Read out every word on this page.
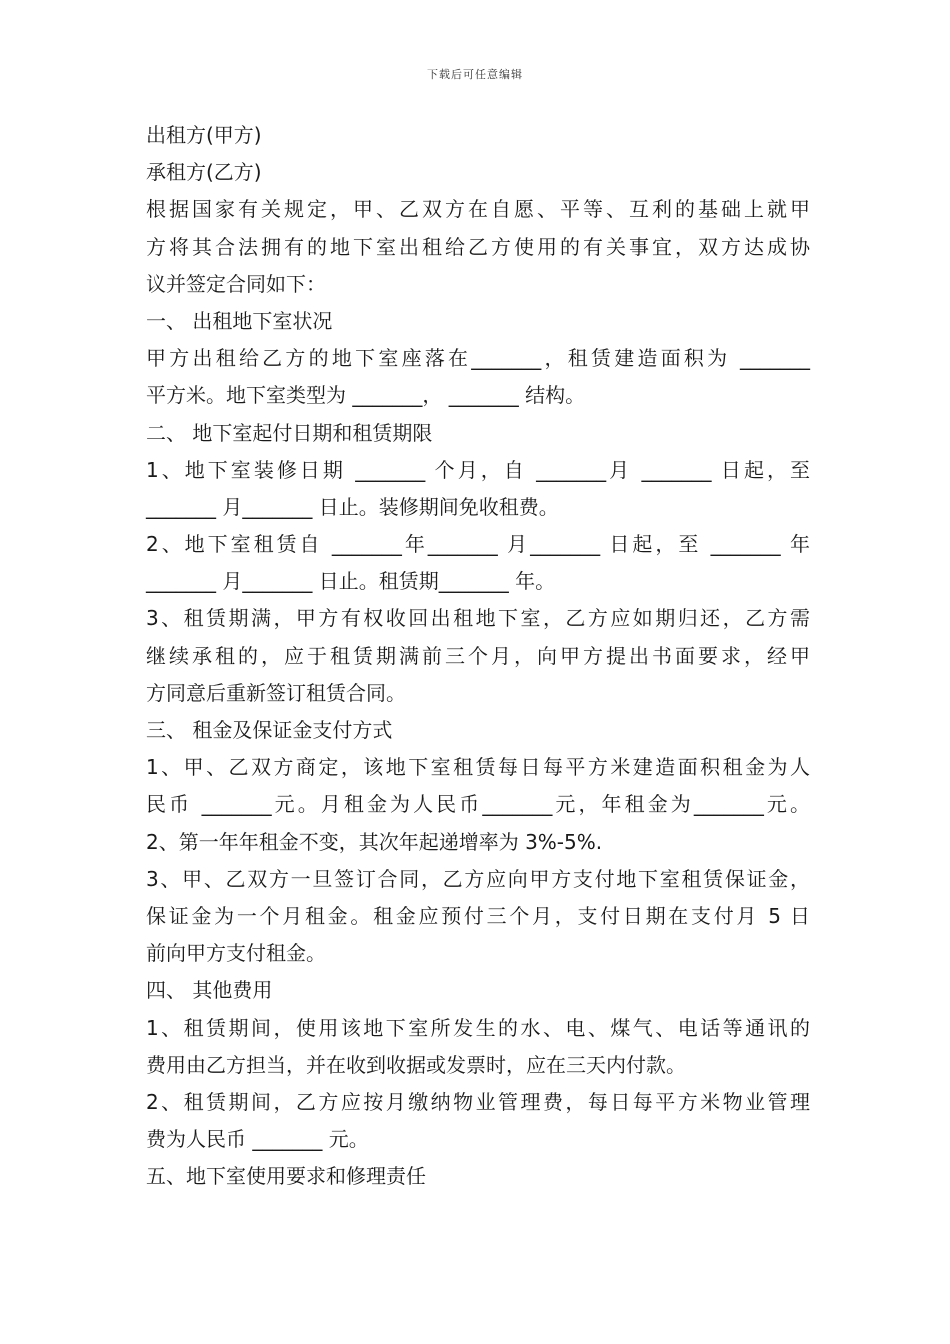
下载后可任意编辑
出租方(甲方)
承租方(乙方)
根据国家有关规定，甲、乙双方在自愿、平等、互利的基础上就甲
方将其合法拥有的地下室出租给乙方使用的有关事宜，双方达成协
议并签定合同如下：
一、 出租地下室状况
甲方出租给乙方的地下室座落在_______，租赁建造面积为 _______
平方米。地下室类型为 _______， _______ 结构。
二、 地下室起付日期和租赁期限
1、地下室装修日期 _______ 个月，自 _______月 _______ 日起，至
_______ 月_______ 日止。装修期间免收租费。
2、地下室租赁自 _______年_______ 月_______ 日起，至 _______ 年
_______ 月_______ 日止。租赁期_______ 年。
3、租赁期满，甲方有权收回出租地下室，乙方应如期归还，乙方需
继续承租的，应于租赁期满前三个月，向甲方提出书面要求，经甲
方同意后重新签订租赁合同。
三、 租金及保证金支付方式
1、甲、乙双方商定，该地下室租赁每日每平方米建造面积租金为人
民币 _______元。月租金为人民币_______元，年租金为_______元。
2、第一年年租金不变，其次年起递增率为 3%-5%.
3、甲、乙双方一旦签订合同，乙方应向甲方支付地下室租赁保证金，
保证金为一个月租金。租金应预付三个月，支付日期在支付月 5 日
前向甲方支付租金。
四、 其他费用
1、租赁期间，使用该地下室所发生的水、电、煤气、电话等通讯的
费用由乙方担当，并在收到收据或发票时，应在三天内付款。
2、租赁期间，乙方应按月缴纳物业管理费，每日每平方米物业管理
费为人民币 _______ 元。
五、地下室使用要求和修理责任
